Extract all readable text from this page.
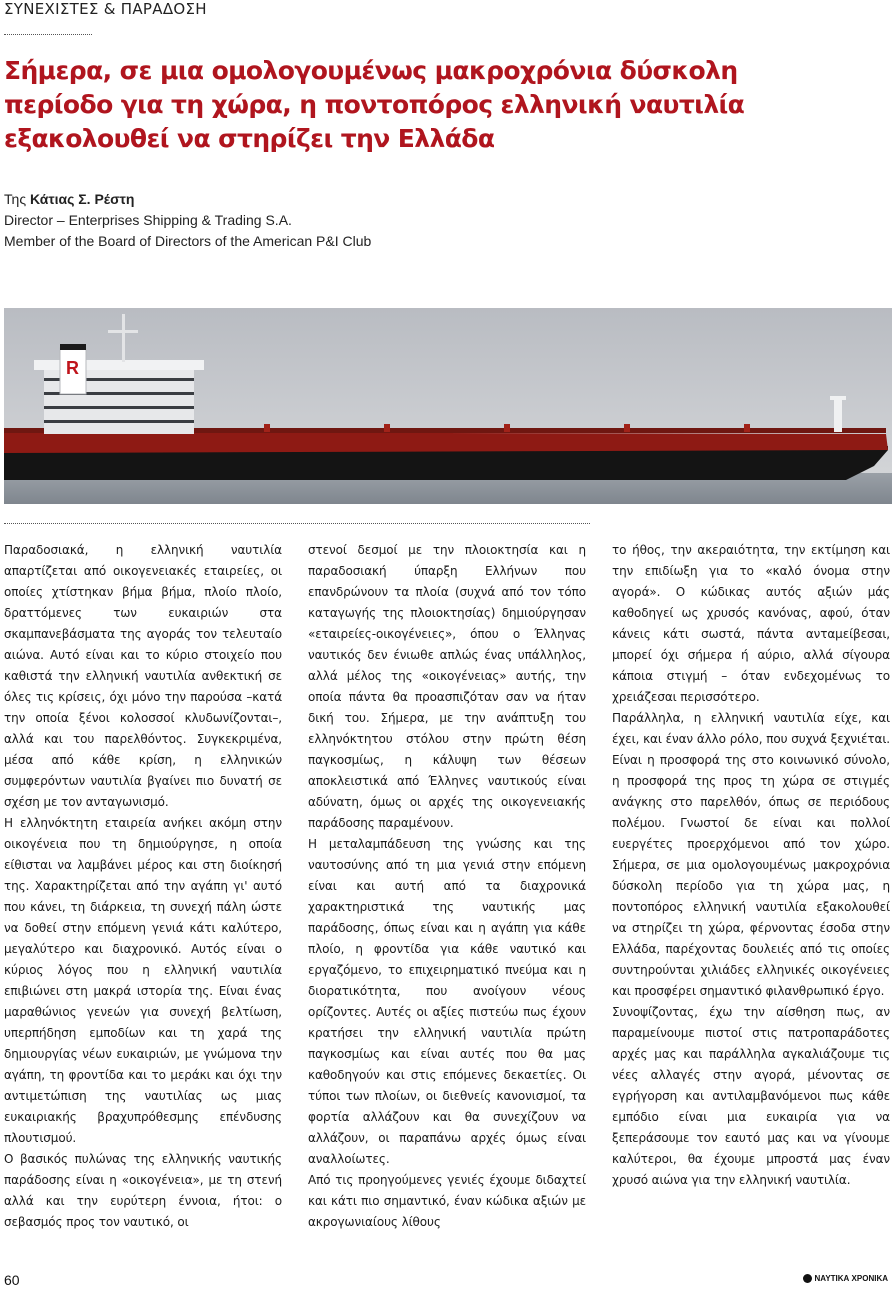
ΣΥΝΕΧΙΣΤΕΣ & ΠΑΡΑΔΟΣΗ
Σήμερα, σε μια ομολογουμένως μακροχρόνια δύσκολη
περίοδο για τη χώρα, η ποντοπόρος ελληνική ναυτιλία
εξακολουθεί να στηρίζει την Ελλάδα
Της Κάτιας Σ. Ρέστη
Director – Enterprises Shipping & Trading S.A.
Member of the Board of Directors of the American P&I Club
R

Παραδοσιακά, η ελληνική ναυτιλία απαρτίζεται από οικογενειακές εταιρείες, οι οποίες χτίστηκαν βήμα βήμα, πλοίο πλοίο, δραττόμενες των ευκαιριών στα σκαμπανεβάσματα της αγοράς τον τελευταίο αιώνα. Αυτό είναι και το κύριο στοιχείο που καθιστά την ελληνική ναυτιλία ανθεκτική σε όλες τις κρίσεις, όχι μόνο την παρούσα –κατά την οποία ξένοι κολοσσοί κλυδωνίζονται–, αλλά και του παρελθόντος. Συγκεκριμένα, μέσα από κάθε κρίση, η ελληνικών συμφερόντων ναυτιλία βγαίνει πιο δυνατή σε σχέση με τον ανταγωνισμό.

Η ελληνόκτητη εταιρεία ανήκει ακόμη στην οικογένεια που τη δημιούργησε, η οποία είθισται να λαμβάνει μέρος και στη διοίκησή της. Χαρακτηρίζεται από την αγάπη γι' αυτό που κάνει, τη διάρκεια, τη συνεχή πάλη ώστε να δοθεί στην επόμενη γενιά κάτι καλύτερο, μεγαλύτερο και διαχρονικό. Αυτός είναι ο κύριος λόγος που η ελληνική ναυτιλία επιβιώνει στη μακρά ιστορία της. Είναι ένας μαραθώνιος γενεών για συνεχή βελτίωση, υπερπήδηση εμποδίων και τη χαρά της δημιουργίας νέων ευκαιριών, με γνώμονα την αγάπη, τη φροντίδα και το μεράκι και όχι την αντιμετώπιση της ναυτιλίας ως μιας ευκαιριακής βραχυπρόθεσμης επένδυσης πλουτισμού.

Ο βασικός πυλώνας της ελληνικής ναυτικής παράδοσης είναι η «οικογένεια», με τη στενή αλλά και την ευρύτερη έννοια, ήτοι: ο σεβασμός προς τον ναυτικό, οι

στενοί δεσμοί με την πλοιοκτησία και η παραδοσιακή ύπαρξη Ελλήνων που επανδρώνουν τα πλοία (συχνά από τον τόπο καταγωγής της πλοιοκτησίας) δημιούργησαν «εταιρείες-οικογένειες», όπου ο Έλληνας ναυτικός δεν ένιωθε απλώς ένας υπάλληλος, αλλά μέλος της «οικογένειας» αυτής, την οποία πάντα θα προασπιζόταν σαν να ήταν δική του. Σήμερα, με την ανάπτυξη του ελληνόκτητου στόλου στην πρώτη θέση παγκοσμίως, η κάλυψη των θέσεων αποκλειστικά από Έλληνες ναυτικούς είναι αδύνατη, όμως οι αρχές της οικογενειακής παράδοσης παραμένουν.

Η μεταλαμπάδευση της γνώσης και της ναυτοσύνης από τη μια γενιά στην επόμενη είναι και αυτή από τα διαχρονικά χαρακτηριστικά της ναυτικής μας παράδοσης, όπως είναι και η αγάπη για κάθε πλοίο, η φροντίδα για κάθε ναυτικό και εργαζόμενο, το επιχειρηματικό πνεύμα και η διορατικότητα, που ανοίγουν νέους ορίζοντες. Αυτές οι αξίες πιστεύω πως έχουν κρατήσει την ελληνική ναυτιλία πρώτη παγκοσμίως και είναι αυτές που θα μας καθοδηγούν και στις επόμενες δεκαετίες. Οι τύποι των πλοίων, οι διεθνείς κανονισμοί, τα φορτία αλλάζουν και θα συνεχίζουν να αλλάζουν, οι παραπάνω αρχές όμως είναι αναλλοίωτες.

Από τις προηγούμενες γενιές έχουμε διδαχτεί και κάτι πιο σημαντικό, έναν κώδικα αξιών με ακρογωνιαίους λίθους

το ήθος, την ακεραιότητα, την εκτίμηση και την επιδίωξη για το «καλό όνομα στην αγορά». Ο κώδικας αυτός αξιών μάς καθοδηγεί ως χρυσός κανόνας, αφού, όταν κάνεις κάτι σωστά, πάντα ανταμείβεσαι, μπορεί όχι σήμερα ή αύριο, αλλά σίγουρα κάποια στιγμή – όταν ενδεχομένως το χρειάζεσαι περισσότερο.

Παράλληλα, η ελληνική ναυτιλία είχε, και έχει, και έναν άλλο ρόλο, που συχνά ξεχνιέται. Είναι η προσφορά της στο κοινωνικό σύνολο, η προσφορά της προς τη χώρα σε στιγμές ανάγκης στο παρελθόν, όπως σε περιόδους πολέμου. Γνωστοί δε είναι και πολλοί ευεργέτες προερχόμενοι από τον χώρο. Σήμερα, σε μια ομολογουμένως μακροχρόνια δύσκολη περίοδο για τη χώρα μας, η ποντοπόρος ελληνική ναυτιλία εξακολουθεί να στηρίζει τη χώρα, φέρνοντας έσοδα στην Ελλάδα, παρέχοντας δουλειές από τις οποίες συντηρούνται χιλιάδες ελληνικές οικογένειες και προσφέρει σημαντικό φιλανθρωπικό έργο.

Συνοψίζοντας, έχω την αίσθηση πως, αν παραμείνουμε πιστοί στις πατροπαράδοτες αρχές μας και παράλληλα αγκαλιάζουμε τις νέες αλλαγές στην αγορά, μένοντας σε εγρήγορση και αντιλαμβανόμενοι πως κάθε εμπόδιο είναι μια ευκαιρία για να ξεπεράσουμε τον εαυτό μας και να γίνουμε καλύτεροι, θα έχουμε μπροστά μας έναν χρυσό αιώνα για την ελληνική ναυτιλία.

60	ΝΑΥΤΙΚΑ ΧΡΟΝΙΚΑ
